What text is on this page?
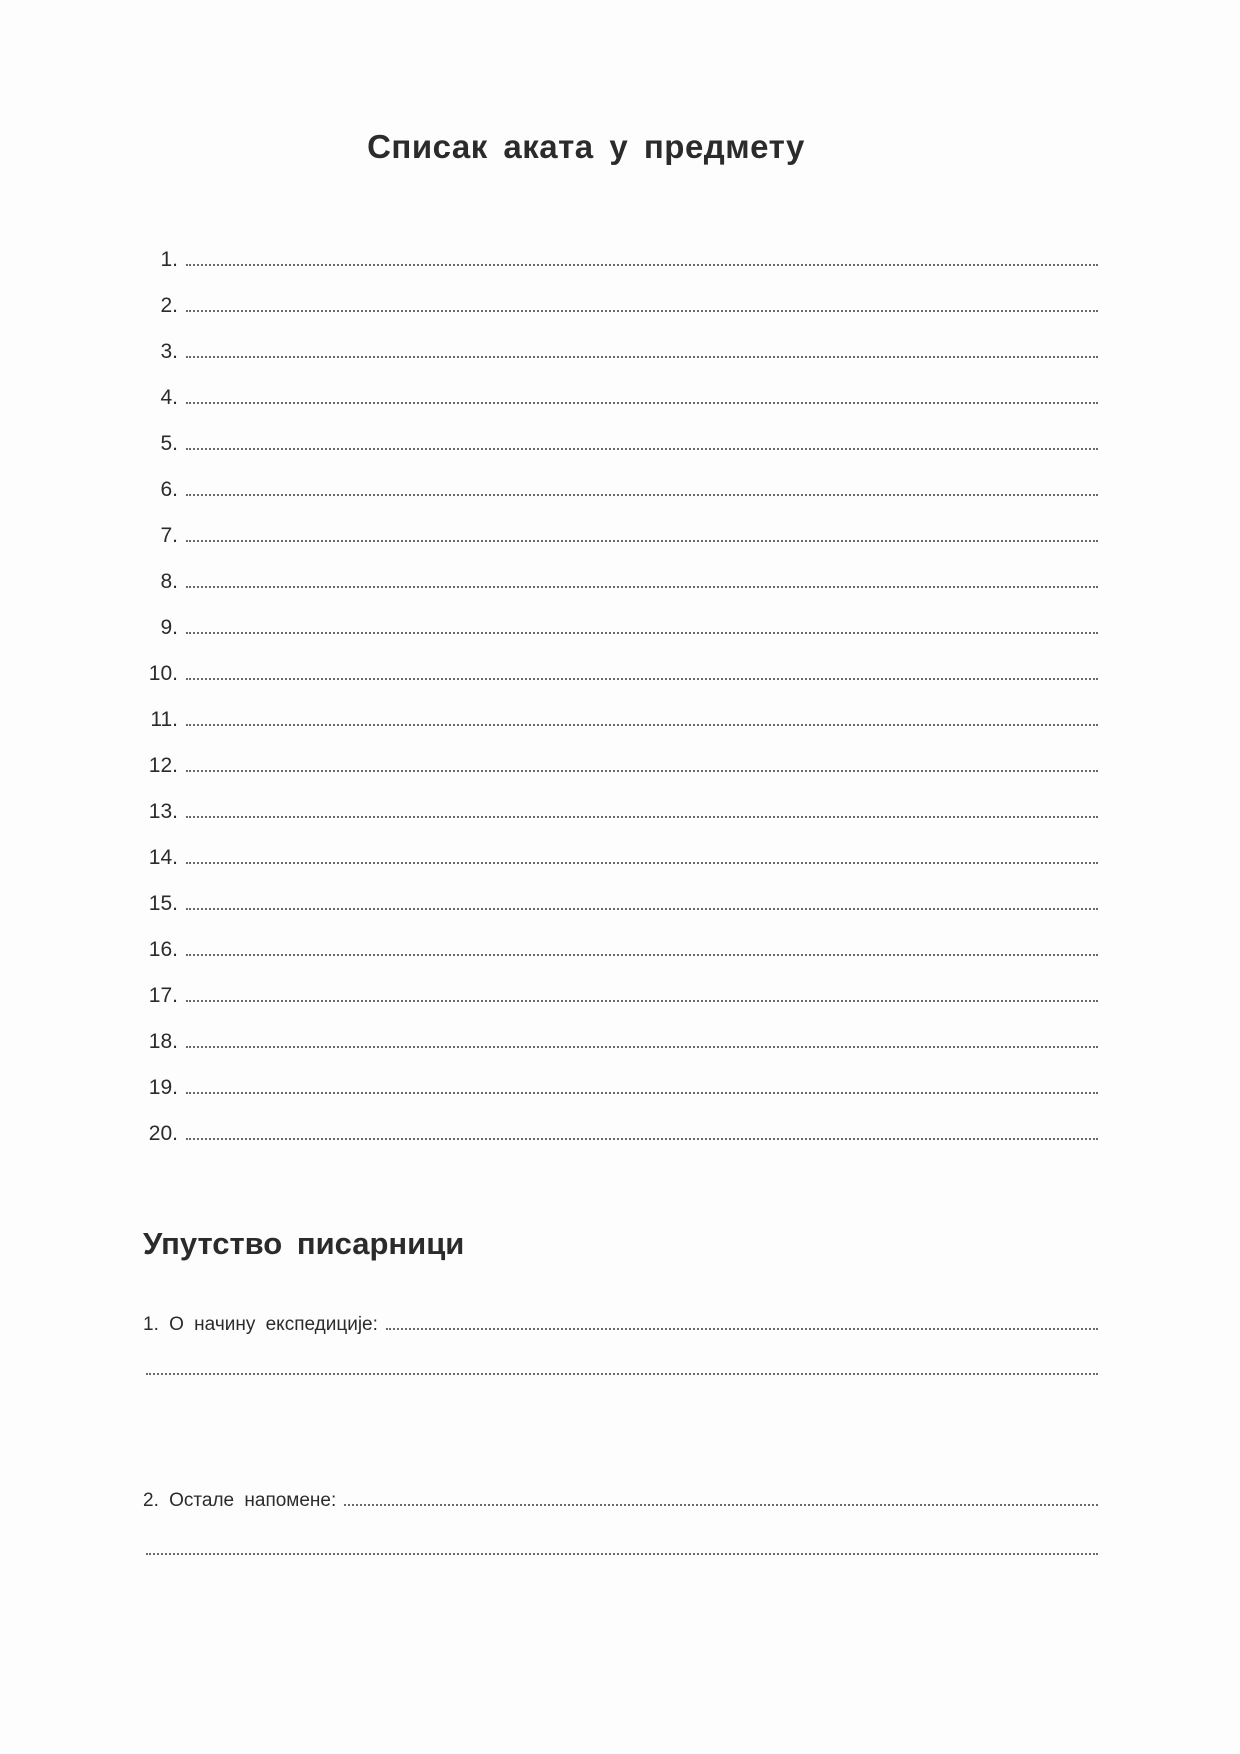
Списак аката у предмету
1.
2.
3.
4.
5.
6.
7.
8.
9.
10.
11.
12.
13.
14.
15.
16.
17.
18.
19.
20.
Упутство писарници
1. О начину експедиције:
2. Остале напомене:
